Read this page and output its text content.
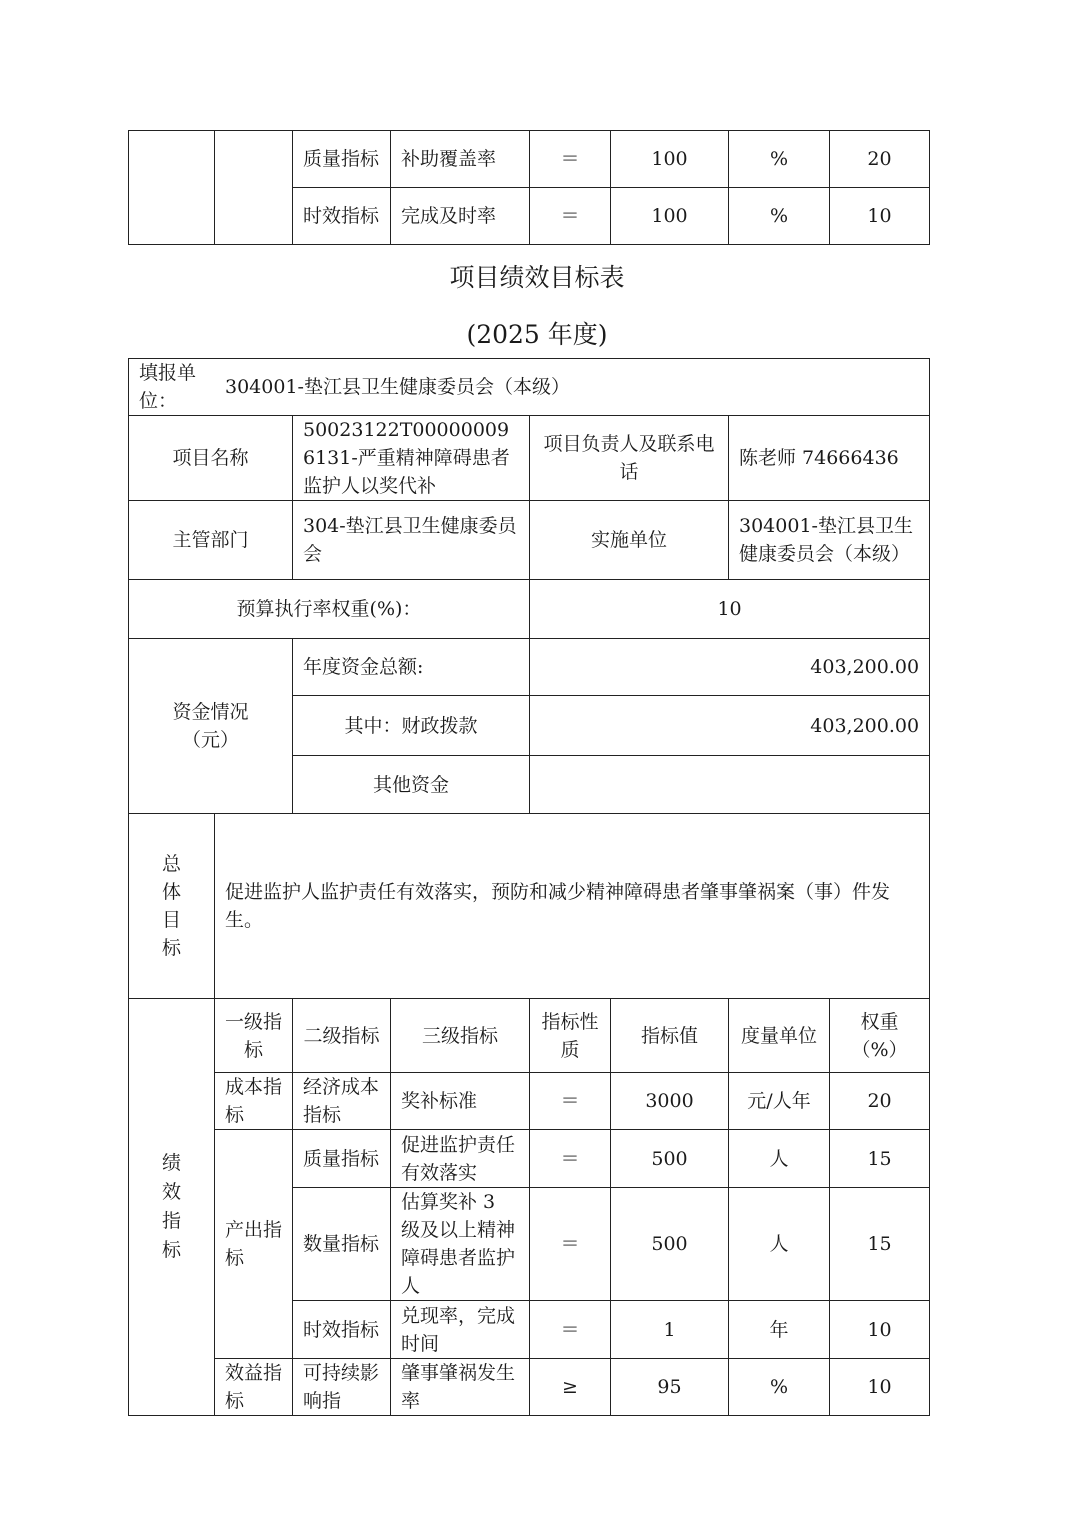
		质量指标	补助覆盖率	＝	100	%	20
		时效指标	完成及时率	＝	100	%	10
项目绩效目标表
(2025 年度)
填报单位：
304001-垫江县卫生健康委员会（本级）							

项目名称		50023122T000000096131-严重精神障碍患者监护人以奖代补		项目负责人及联系电话		陈老师 74666436	
主管部门		304-垫江县卫生健康委员会		实施单位		304001-垫江县卫生健康委员会（本级）	
预算执行率权重(%)：				10			

资金情况（元）		年度资金总额:		403,200.00			
		其中：财政拨款		403,200.00			
		其他资金					

总体目标	促进监护人监护责任有效落实，预防和减少精神障碍患者肇事肇祸案（事）件发生。						

绩效指标	一级指标	二级指标	三级指标	指标性质	指标值	度量单位	权重（%）
	成本指标	经济成本指标	奖补标准	＝	3000	元/人年	20
	产出指标	质量指标	促进监护责任有效落实	＝	500	人	15
		数量指标	估算奖补 3 级及以上精神障碍患者监护人	＝	500	人	15
		时效指标	兑现率，完成时间	＝	1	年	10
	效益指标	可持续影响指	肇事肇祸发生率	≥	95	%	10
